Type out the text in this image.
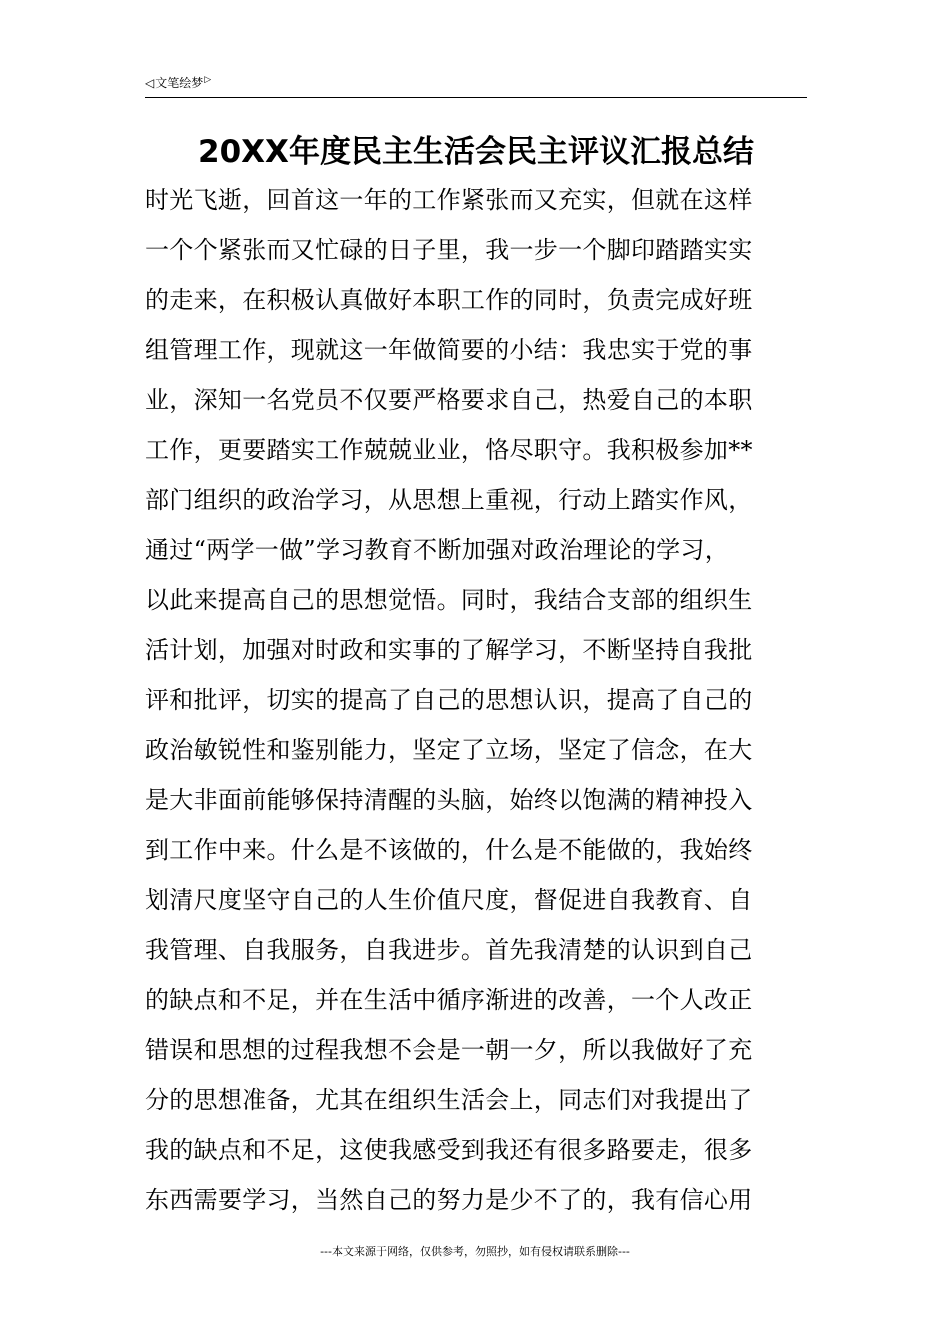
◁ 文笔绘梦 ▷
20XX年度民主生活会民主评议汇报总结
时光飞逝，回首这一年的工作紧张而又充实，但就在这样
一个个紧张而又忙碌的日子里，我一步一个脚印踏踏实实
的走来，在积极认真做好本职工作的同时，负责完成好班
组管理工作，现就这一年做简要的小结：我忠实于党的事
业，深知一名党员不仅要严格要求自己，热爱自己的本职
工作，更要踏实工作兢兢业业，恪尽职守。我积极参加**
部门组织的政治学习，从思想上重视，行动上踏实作风，
通过“两学一做”学习教育不断加强对政治理论的学习，
以此来提高自己的思想觉悟。同时，我结合支部的组织生
活计划，加强对时政和实事的了解学习，不断坚持自我批
评和批评，切实的提高了自己的思想认识，提高了自己的
政治敏锐性和鉴别能力，坚定了立场，坚定了信念，在大
是大非面前能够保持清醒的头脑，始终以饱满的精神投入
到工作中来。什么是不该做的，什么是不能做的，我始终
划清尺度坚守自己的人生价值尺度，督促进自我教育、自
我管理、自我服务，自我进步。首先我清楚的认识到自己
的缺点和不足，并在生活中循序渐进的改善，一个人改正
错误和思想的过程我想不会是一朝一夕，所以我做好了充
分的思想准备，尤其在组织生活会上，同志们对我提出了
我的缺点和不足，这使我感受到我还有很多路要走，很多
东西需要学习，当然自己的努力是少不了的，我有信心用
---本文来源于网络，仅供参考，勿照抄，如有侵权请联系删除---
